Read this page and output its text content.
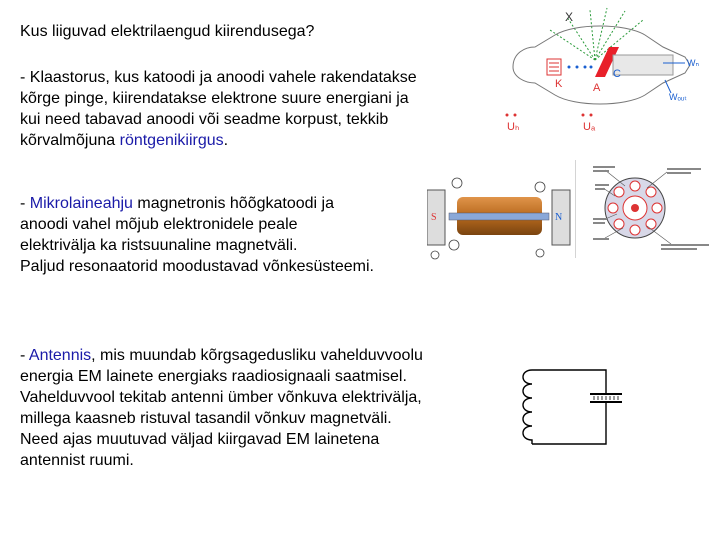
Kus liiguvad elektrilaengud kiirendusega?
- Klaastorus, kus katoodi ja anoodi vahele rakendatakse
kõrge pinge, kiirendatakse elektrone suure energiani ja
kui need tabavad anoodi või seadme korpust, tekkib
kõrvalmõjuna röntgenikiirgus.
- Mikrolaineahju magnetronis hõõgkatoodi ja
anoodi vahel mõjub elektronidele peale
elektrivälja ka ristsuunaline magnetväli.
Paljud resonaatorid moodustavad võnkesüsteemi.
- Antennis, mis muundab kõrgsagedusliku vahelduvvoolu
energia EM lainete energiaks raadiosignaali saatmisel.
Vahelduvvool tekitab antenni ümber võnkuva elektrivälja,
millega kaasneb ristuval tasandil võnkuv magnetväli.
Need ajas muutuvad väljad kiirgavad EM lainetena
antennist ruumi.
X
K	A
C
Wₙ
Wₒᵤₜ
Uₕ	Uₐ
S	N
